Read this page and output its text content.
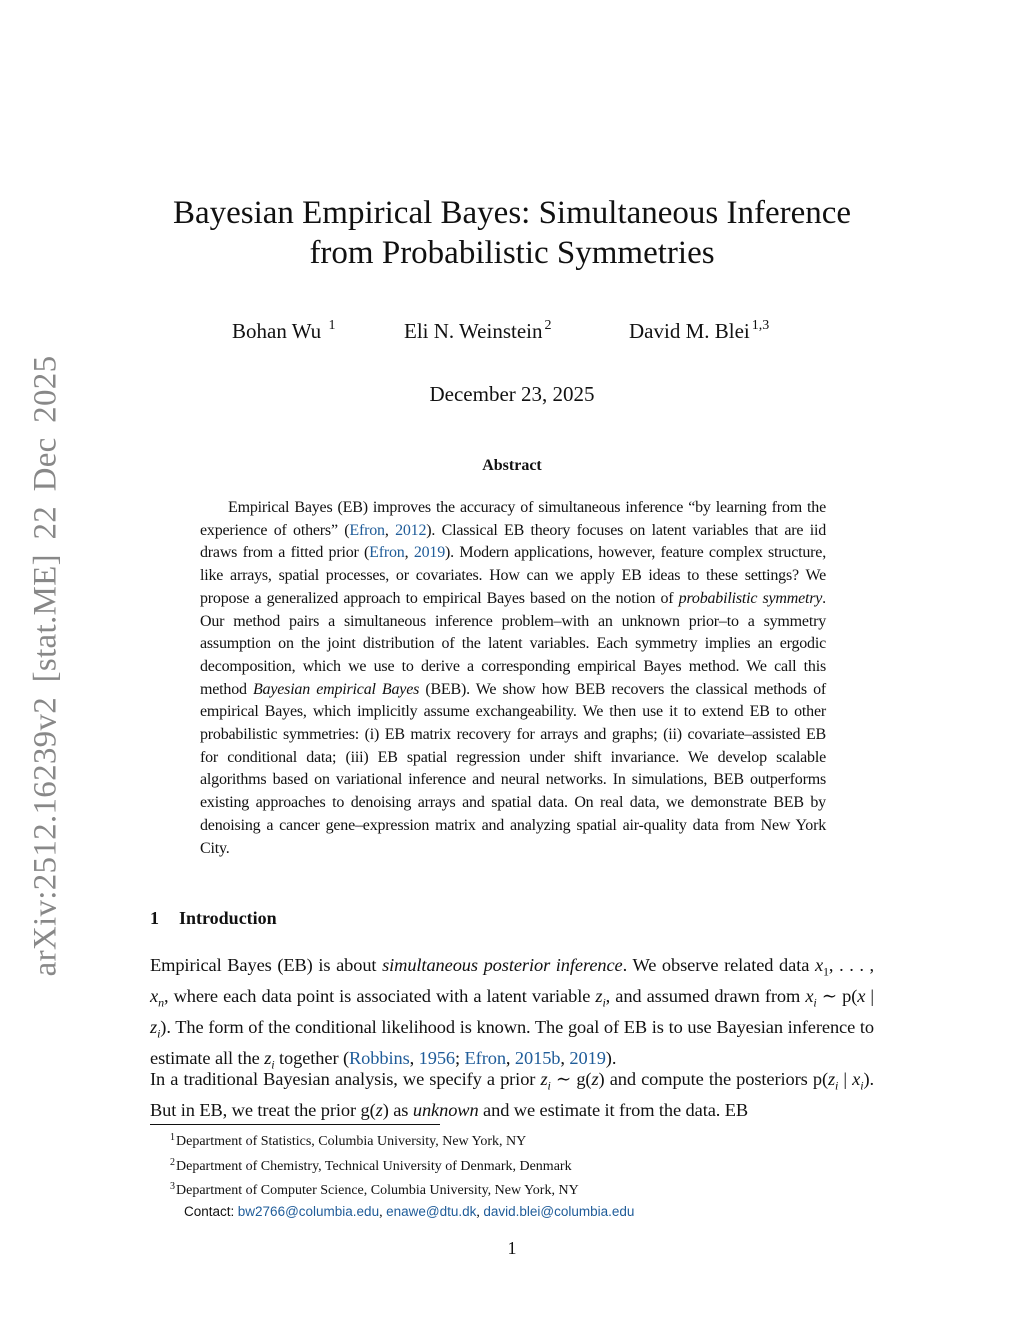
arXiv:2512.16239v2 [stat.ME] 22 Dec 2025
Bayesian Empirical Bayes: Simultaneous Inference
from Probabilistic Symmetries
Bohan Wu $^1$	Eli N. Weinstein $^2$	David M. Blei $^{1,3}$
December 23, 2025
Abstract

Empirical Bayes (EB) improves the accuracy of simultaneous inference “by learning from the experience of others” (Efron, 2012). Classical EB theory focuses on latent variables that are iid draws from a fitted prior (Efron, 2019). Modern applications, however, feature complex structure, like arrays, spatial processes, or covariates. How can we apply EB ideas to these settings? We propose a generalized approach to empirical Bayes based on the notion of probabilistic symmetry. Our method pairs a simultaneous inference problem–with an unknown prior–to a symmetry assumption on the joint distribution of the latent variables. Each symmetry implies an ergodic decomposition, which we use to derive a corresponding empirical Bayes method. We call this method Bayesian empirical Bayes (BEB). We show how BEB recovers the classical methods of empirical Bayes, which implicitly assume exchangeability. We then use it to extend EB to other probabilistic symmetries: (i) EB matrix recovery for arrays and graphs; (ii) covariate–assisted EB for conditional data; (iii) EB spatial regression under shift invariance. We develop scalable algorithms based on variational inference and neural networks. In simulations, BEB outperforms existing approaches to denoising arrays and spatial data. On real data, we demonstrate BEB by denoising a cancer gene–expression matrix and analyzing spatial air-quality data from New York City.

1 Introduction

Empirical Bayes (EB) is about simultaneous posterior inference. We observe related data $x_1$, . . . , $x_n$, where each data point is associated with a latent variable $z_i$, and assumed drawn from $x_i$ ∼ p(x | $z_i$). The form of the conditional likelihood is known. The goal of EB is to use Bayesian inference to estimate all the $z_i$ together (Robbins, 1956; Efron, 2015b, 2019).

In a traditional Bayesian analysis, we specify a prior $z_i$ ∼ g(z) and compute the posteriors $p(z_i$ | $x_i$). But in EB, we treat the prior g(z) as unknown and we estimate it from the data. EB

$^1$Department of Statistics, Columbia University, New York, NY
$^2$Department of Chemistry, Technical University of Denmark, Denmark
$^3$Department of Computer Science, Columbia University, New York, NY
Contact: bw2766@columbia.edu, enawe@dtu.dk, david.blei@columbia.edu
1
